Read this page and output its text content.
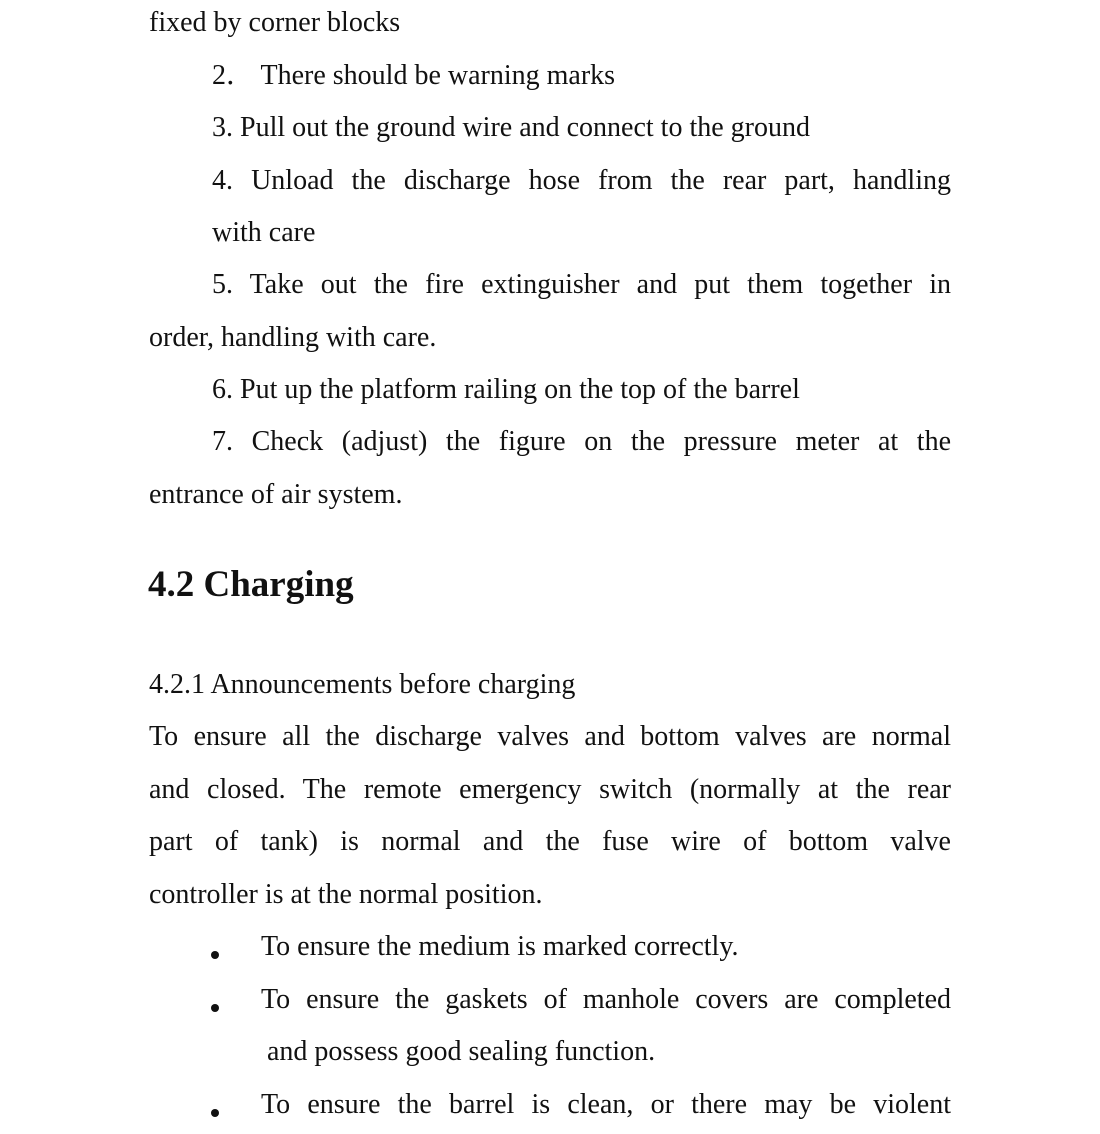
fixed by corner blocks
2． There should be warning marks
3. Pull out the ground wire and connect to the ground
4. Unload the discharge hose from the rear part, handling
with care
5. Take out the fire extinguisher and put them together in
order, handling with care.
6. Put up the platform railing on the top of the barrel
7. Check (adjust) the figure on the pressure meter at the
entrance of air system.
4.2 Charging
4.2.1 Announcements before charging
To ensure all the discharge valves and bottom valves are normal
and closed. The remote emergency switch (normally at the rear
part of tank) is normal and the fuse wire of bottom valve
controller is at the normal position.
To ensure the medium is marked correctly.
To ensure the gaskets of manhole covers are completed
and possess good sealing function.
To ensure the barrel is clean, or there may be violent
